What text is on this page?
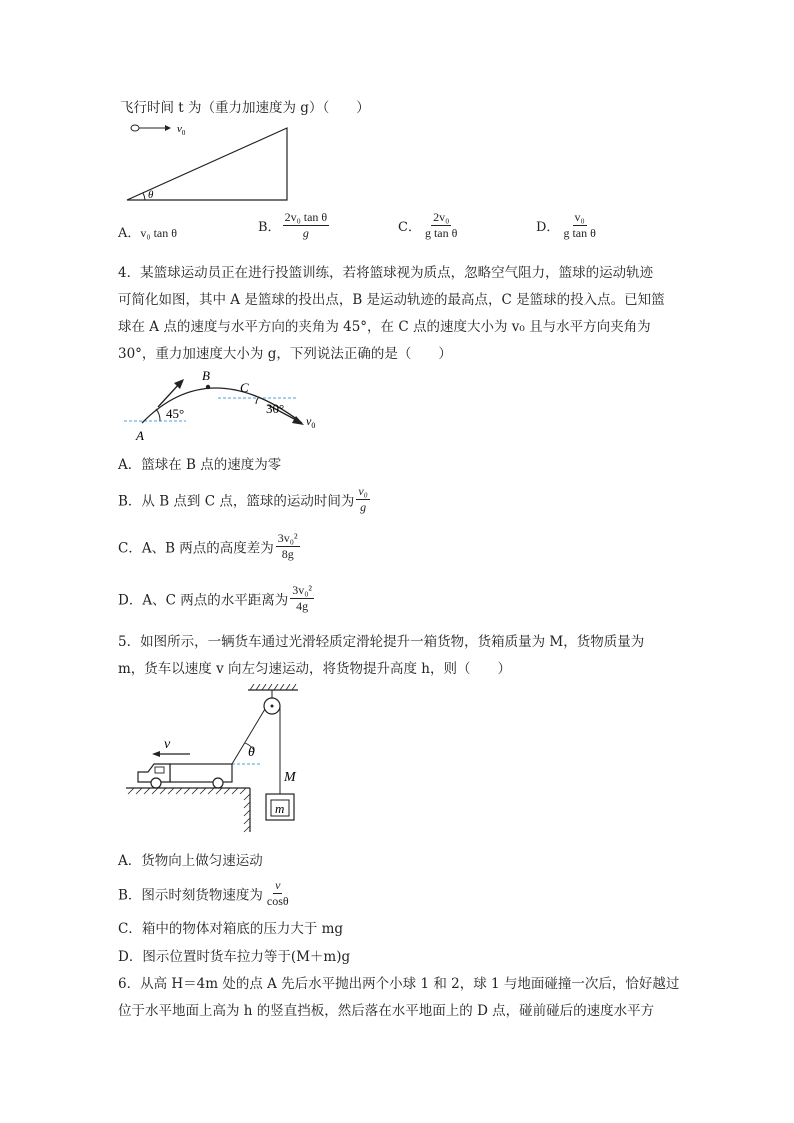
飞行时间 t 为（重力加速度为 g）（　　）
$v_0$
θ
A．v₀ tan θ	B． $\frac{\text{2v₀ tan θ}}{g}$	C． $\frac{\text{2v₀}}{\text{g tan θ}}$	D． $\frac{\text{v₀}}{\text{g tan θ}}$
4．某篮球运动员正在进行投篮训练，若将篮球视为质点，忽略空气阻力，篮球的运动轨迹
可简化如图，其中 A 是篮球的投出点，B 是运动轨迹的最高点，C 是篮球的投入点。已知篮
球在 A 点的速度与水平方向的夹角为 45°，在 C 点的速度大小为 v₀ 且与水平方向夹角为
30°，重力加速度大小为 g，下列说法正确的是（　　）
A
B
C
45°	30°
$v_0$
A．篮球在 B 点的速度为零
B．从 B 点到 C 点，篮球的运动时间为 $\frac{\text{v₀}}{g}$
C．A、B 两点的高度差为 $\frac{\text{3v₀²}}{8g}$
D．A、C 两点的水平距离为 $\frac{\text{3v₀²}}{4g}$
5．如图所示，一辆货车通过光滑轻质定滑轮提升一箱货物，货箱质量为 M，货物质量为
m，货车以速度 v 向左匀速运动，将货物提升高度 h，则（　　）
θ
v
M
m
A．货物向上做匀速运动
B．图示时刻货物速度为 $\frac{v}{\cos\theta}$
C．箱中的物体对箱底的压力大于 mg
D．图示位置时货车拉力等于(M＋m)g
6．从高 H＝4m 处的点 A 先后水平抛出两个小球 1 和 2，球 1 与地面碰撞一次后，恰好越过
位于水平地面上高为 h 的竖直挡板，然后落在水平地面上的 D 点，碰前碰后的速度水平方
